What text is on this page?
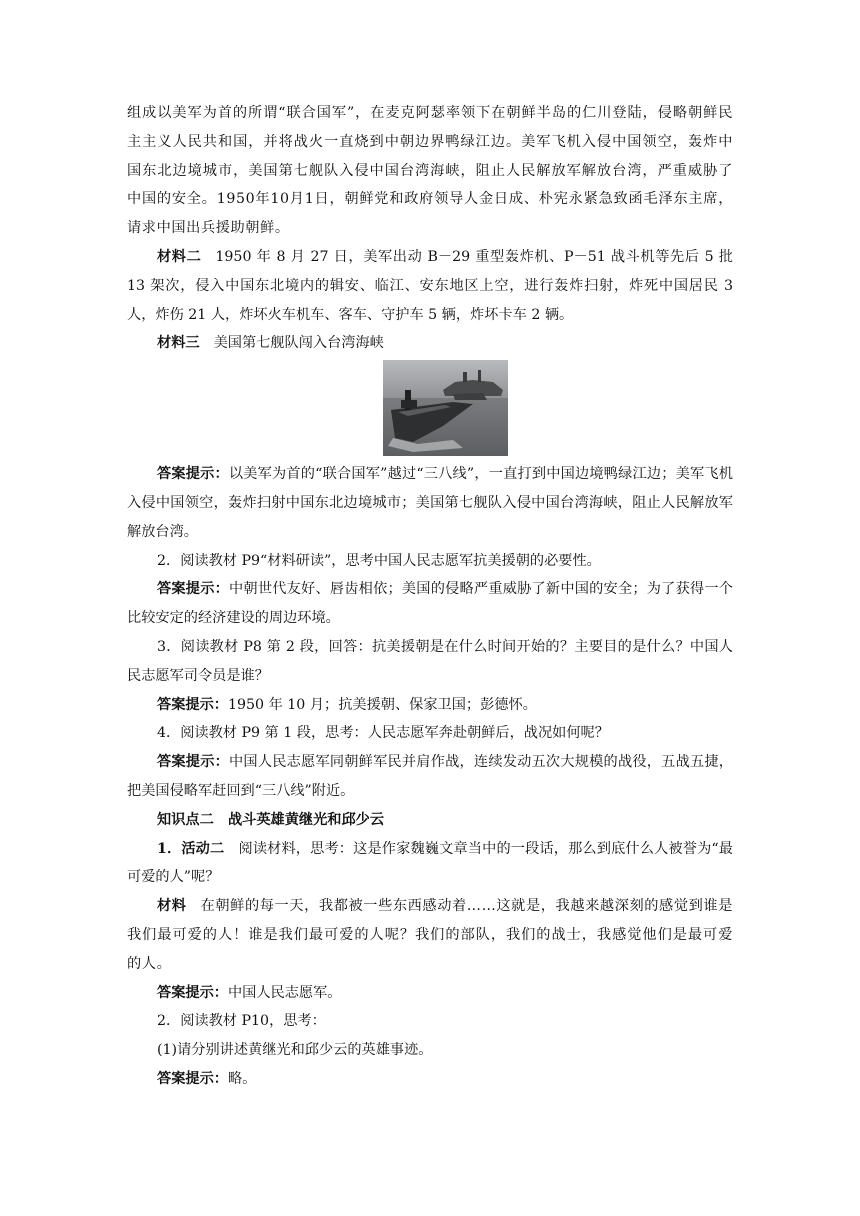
组成以美军为首的所谓“联合国军”，在麦克阿瑟率领下在朝鲜半岛的仁川登陆，侵略朝鲜民主主义人民共和国，并将战火一直烧到中朝边界鸭绿江边。美军飞机入侵中国领空，轰炸中国东北边境城市，美国第七舰队入侵中国台湾海峡，阻止人民解放军解放台湾，严重威胁了中国的安全。1950年10月1日，朝鲜党和政府领导人金日成、朴宪永紧急致函毛泽东主席，请求中国出兵援助朝鲜。

材料二 1950 年 8 月 27 日，美军出动 B－29 重型轰炸机、P－51 战斗机等先后 5 批 13 架次，侵入中国东北境内的辑安、临江、安东地区上空，进行轰炸扫射，炸死中国居民 3 人，炸伤 21 人，炸坏火车机车、客车、守护车 5 辆，炸坏卡车 2 辆。

材料三 美国第七舰队闯入台湾海峡

答案提示：以美军为首的“联合国军”越过“三八线”，一直打到中国边境鸭绿江边；美军飞机入侵中国领空，轰炸扫射中国东北边境城市；美国第七舰队入侵中国台湾海峡，阻止人民解放军解放台湾。

2．阅读教材 P9“材料研读”，思考中国人民志愿军抗美援朝的必要性。

答案提示：中朝世代友好、唇齿相依；美国的侵略严重威胁了新中国的安全；为了获得一个比较安定的经济建设的周边环境。

3．阅读教材 P8 第 2 段，回答：抗美援朝是在什么时间开始的？主要目的是什么？中国人民志愿军司令员是谁？

答案提示：1950 年 10 月；抗美援朝、保家卫国；彭德怀。

4．阅读教材 P9 第 1 段，思考：人民志愿军奔赴朝鲜后，战况如何呢？

答案提示：中国人民志愿军同朝鲜军民并肩作战，连续发动五次大规模的战役，五战五捷，把美国侵略军赶回到“三八线”附近。

知识点二　战斗英雄黄继光和邱少云

1．活动二 阅读材料，思考：这是作家魏巍文章当中的一段话，那么到底什么人被誉为“最可爱的人”呢？

材料 在朝鲜的每一天，我都被一些东西感动着……这就是，我越来越深刻的感觉到谁是我们最可爱的人！谁是我们最可爱的人呢？我们的部队，我们的战士，我感觉他们是最可爱的人。

答案提示：中国人民志愿军。

2．阅读教材 P10，思考：

(1)请分别讲述黄继光和邱少云的英雄事迹。

答案提示：略。
